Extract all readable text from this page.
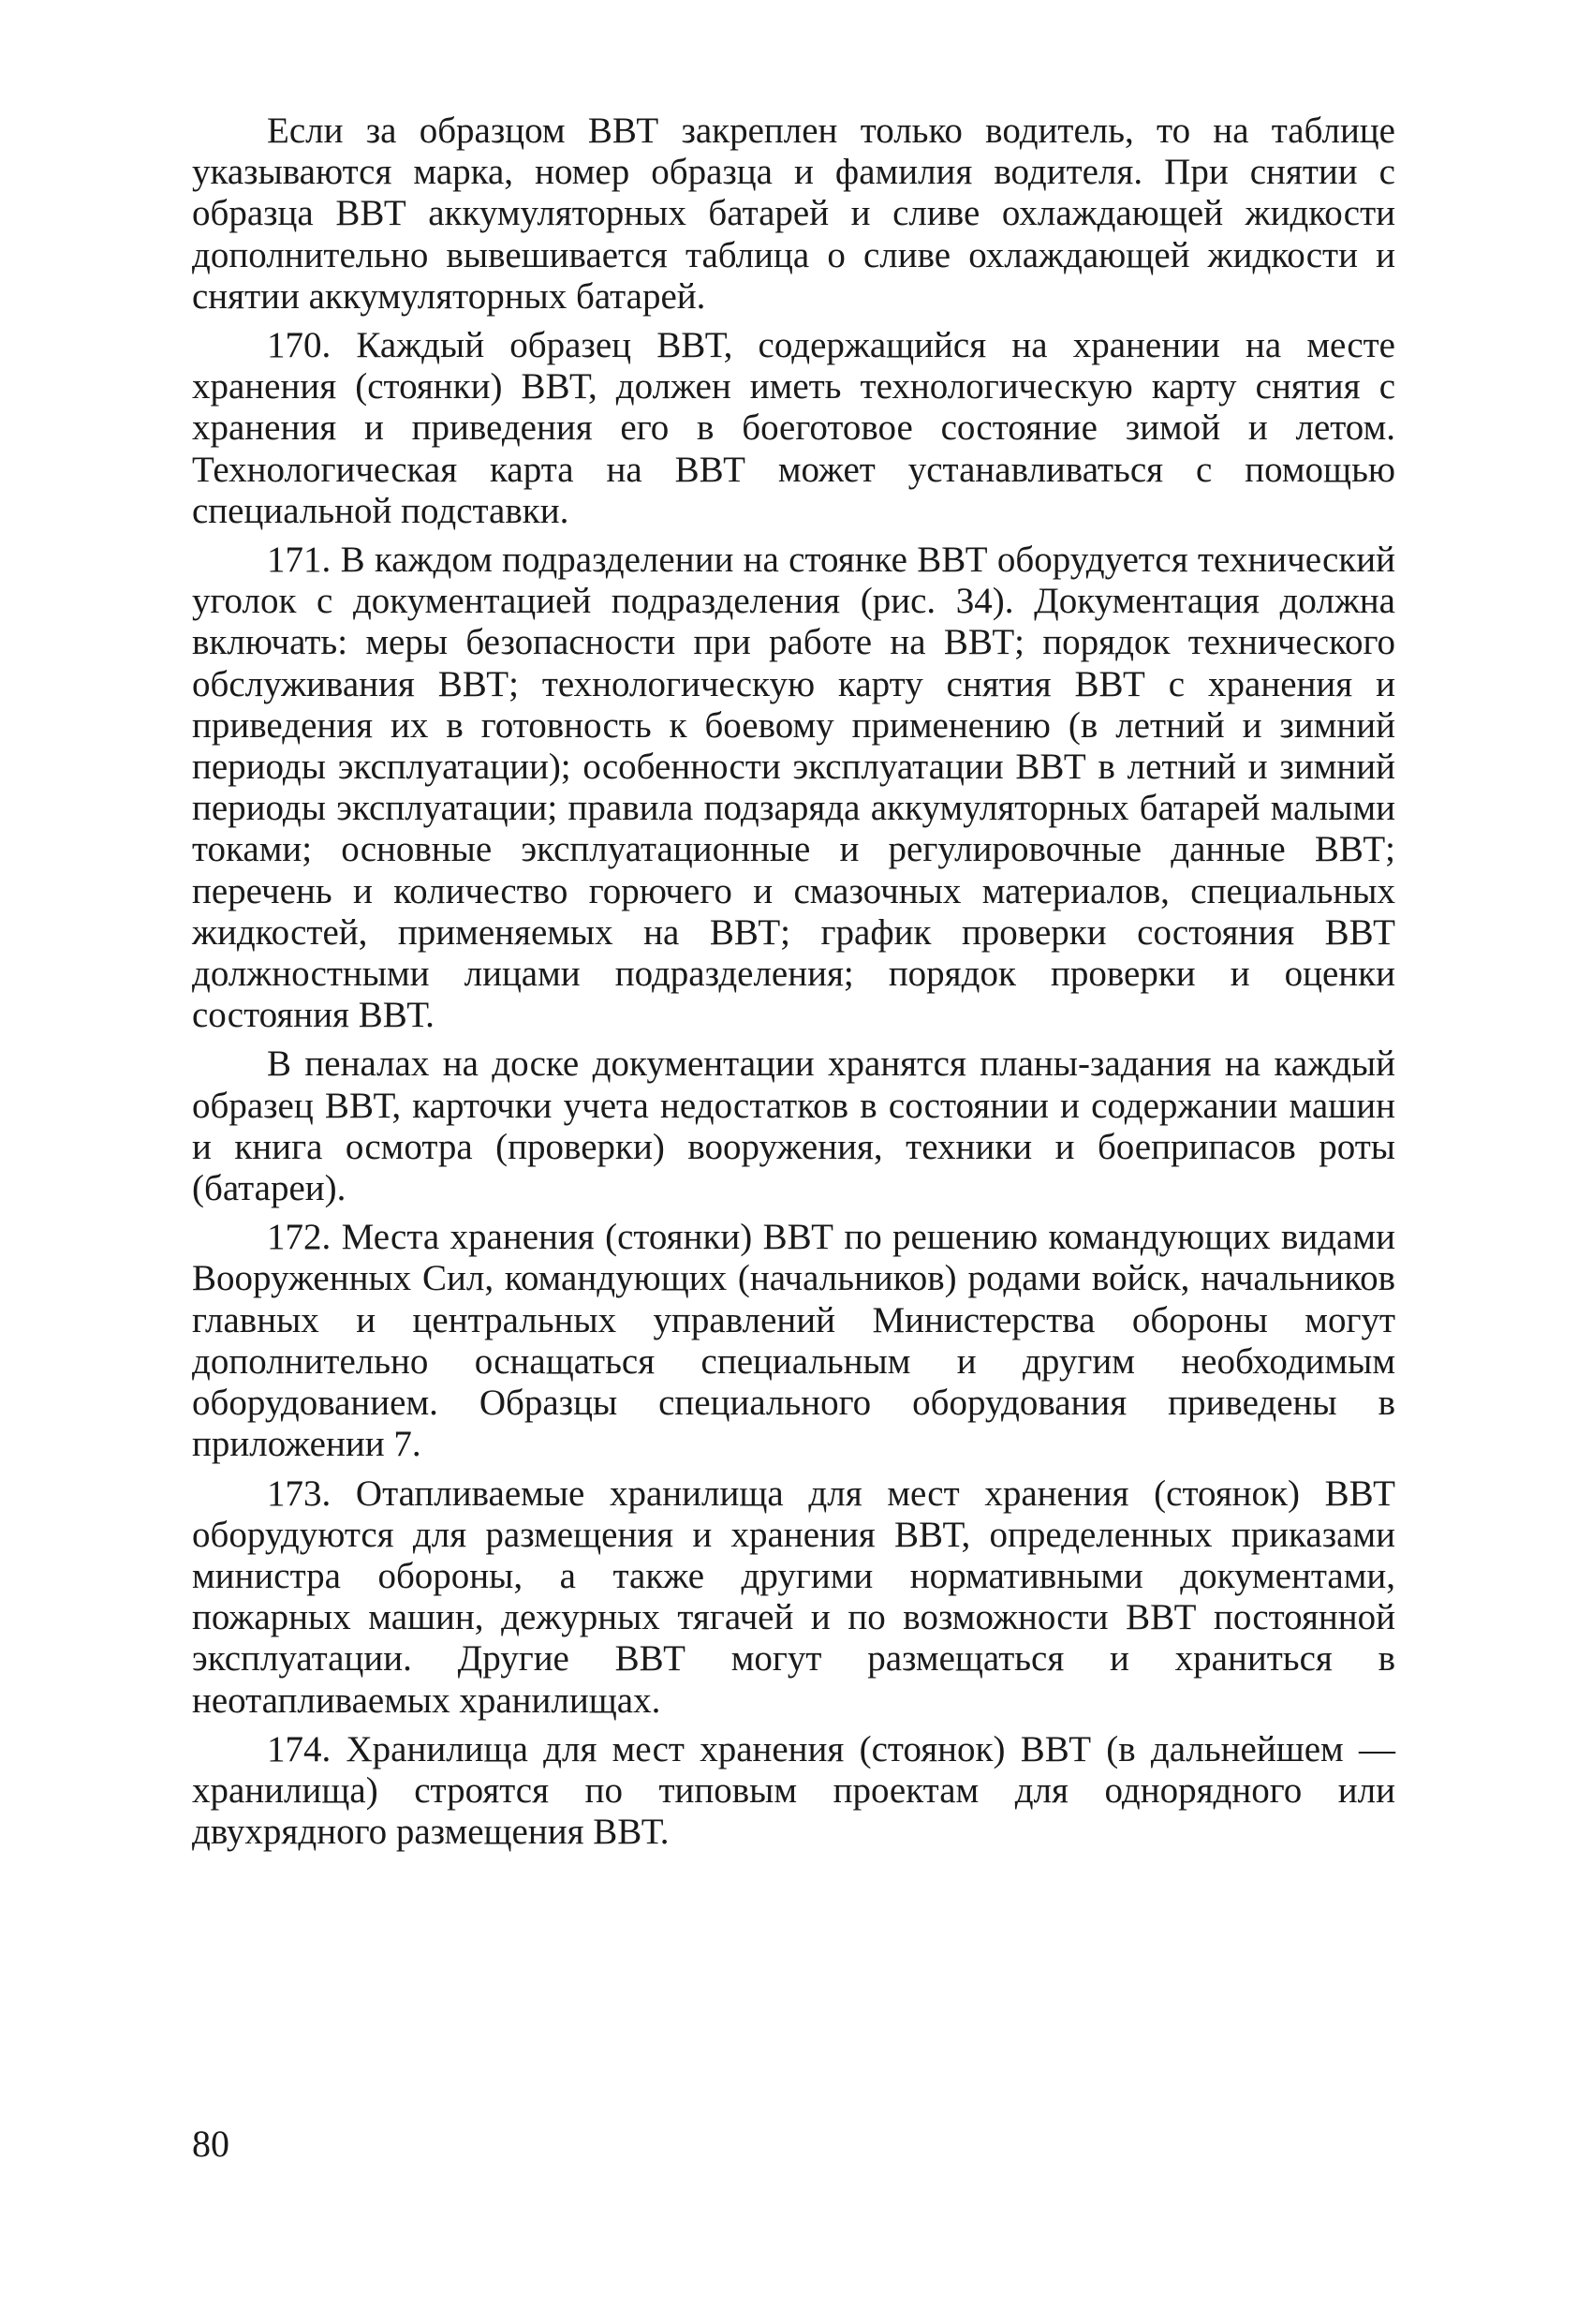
Если за образцом ВВТ закреплен только водитель, то на таблице указываются марка, номер образца и фамилия водителя. При снятии с образца ВВТ аккумуляторных батарей и сливе охлаждающей жидкости дополнительно вывешивается таблица о сливе охлаждающей жидкости и снятии аккумуляторных батарей.

170. Каждый образец ВВТ, содержащийся на хранении на месте хранения (стоянки) ВВТ, должен иметь технологическую карту снятия с хранения и приведения его в боеготовое состояние зимой и летом. Технологическая карта на ВВТ может устанавливаться с помощью специальной подставки.

171. В каждом подразделении на стоянке ВВТ оборудуется технический уголок с документацией подразделения (рис. 34). Документация должна включать: меры безопасности при работе на ВВТ; порядок технического обслуживания ВВТ; технологическую карту снятия ВВТ с хранения и приведения их в готовность к боевому применению (в летний и зимний периоды эксплуатации); особенности эксплуатации ВВТ в летний и зимний периоды эксплуатации; правила подзаряда аккумуляторных батарей малыми токами; основные эксплуатационные и регулировочные данные ВВТ; перечень и количество горючего и смазочных материалов, специальных жидкостей, применяемых на ВВТ; график проверки состояния ВВТ должностными лицами подразделения; порядок проверки и оценки состояния ВВТ.

В пеналах на доске документации хранятся планы-задания на каждый образец ВВТ, карточки учета недостатков в состоянии и содержании машин и книга осмотра (проверки) вооружения, техники и боеприпасов роты (батареи).

172. Места хранения (стоянки) ВВТ по решению командующих видами Вооруженных Сил, командующих (начальников) родами войск, начальников главных и центральных управлений Министерства обороны могут дополнительно оснащаться специальным и другим необходимым оборудованием. Образцы специального оборудования приведены в приложении 7.

173. Отапливаемые хранилища для мест хранения (стоянок) ВВТ оборудуются для размещения и хранения ВВТ, определенных приказами министра обороны, а также другими нормативными документами, пожарных машин, дежурных тягачей и по возможности ВВТ постоянной эксплуатации. Другие ВВТ могут размещаться и храниться в неотапливаемых хранилищах.

174. Хранилища для мест хранения (стоянок) ВВТ (в дальнейшем — хранилища) строятся по типовым проектам для однорядного или двухрядного размещения ВВТ.

80
